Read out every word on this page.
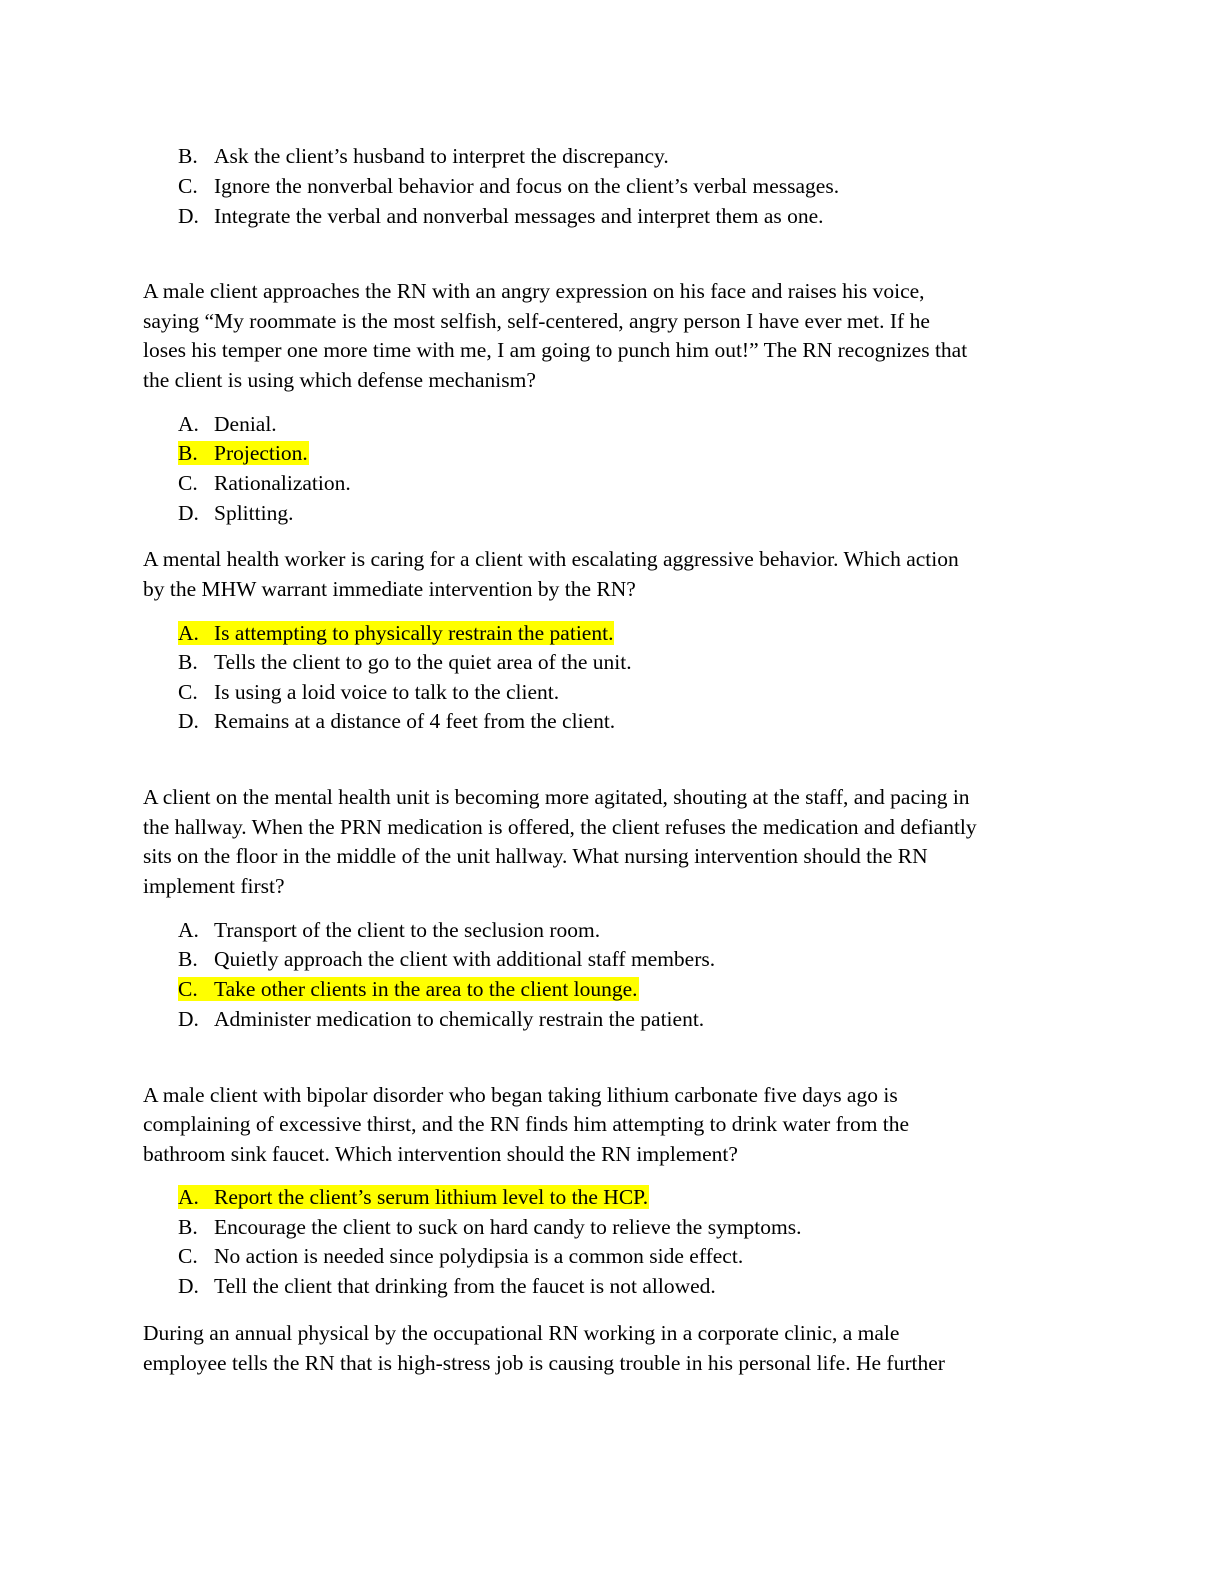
B. Ask the client’s husband to interpret the discrepancy.
C. Ignore the nonverbal behavior and focus on the client’s verbal messages.
D. Integrate the verbal and nonverbal messages and interpret them as one.
A male client approaches the RN with an angry expression on his face and raises his voice,
saying “My roommate is the most selfish, self-centered, angry person I have ever met. If he
loses his temper one more time with me, I am going to punch him out!” The RN recognizes that
the client is using which defense mechanism?
A. Denial.
B. Projection.
C. Rationalization.
D. Splitting.
A mental health worker is caring for a client with escalating aggressive behavior. Which action
by the MHW warrant immediate intervention by the RN?
A. Is attempting to physically restrain the patient.
B. Tells the client to go to the quiet area of the unit.
C. Is using a loid voice to talk to the client.
D. Remains at a distance of 4 feet from the client.
A client on the mental health unit is becoming more agitated, shouting at the staff, and pacing in
the hallway. When the PRN medication is offered, the client refuses the medication and defiantly
sits on the floor in the middle of the unit hallway. What nursing intervention should the RN
implement first?
A. Transport of the client to the seclusion room.
B. Quietly approach the client with additional staff members.
C. Take other clients in the area to the client lounge.
D. Administer medication to chemically restrain the patient.
A male client with bipolar disorder who began taking lithium carbonate five days ago is
complaining of excessive thirst, and the RN finds him attempting to drink water from the
bathroom sink faucet. Which intervention should the RN implement?
A. Report the client’s serum lithium level to the HCP.
B. Encourage the client to suck on hard candy to relieve the symptoms.
C. No action is needed since polydipsia is a common side effect.
D. Tell the client that drinking from the faucet is not allowed.
During an annual physical by the occupational RN working in a corporate clinic, a male
employee tells the RN that is high-stress job is causing trouble in his personal life. He further
